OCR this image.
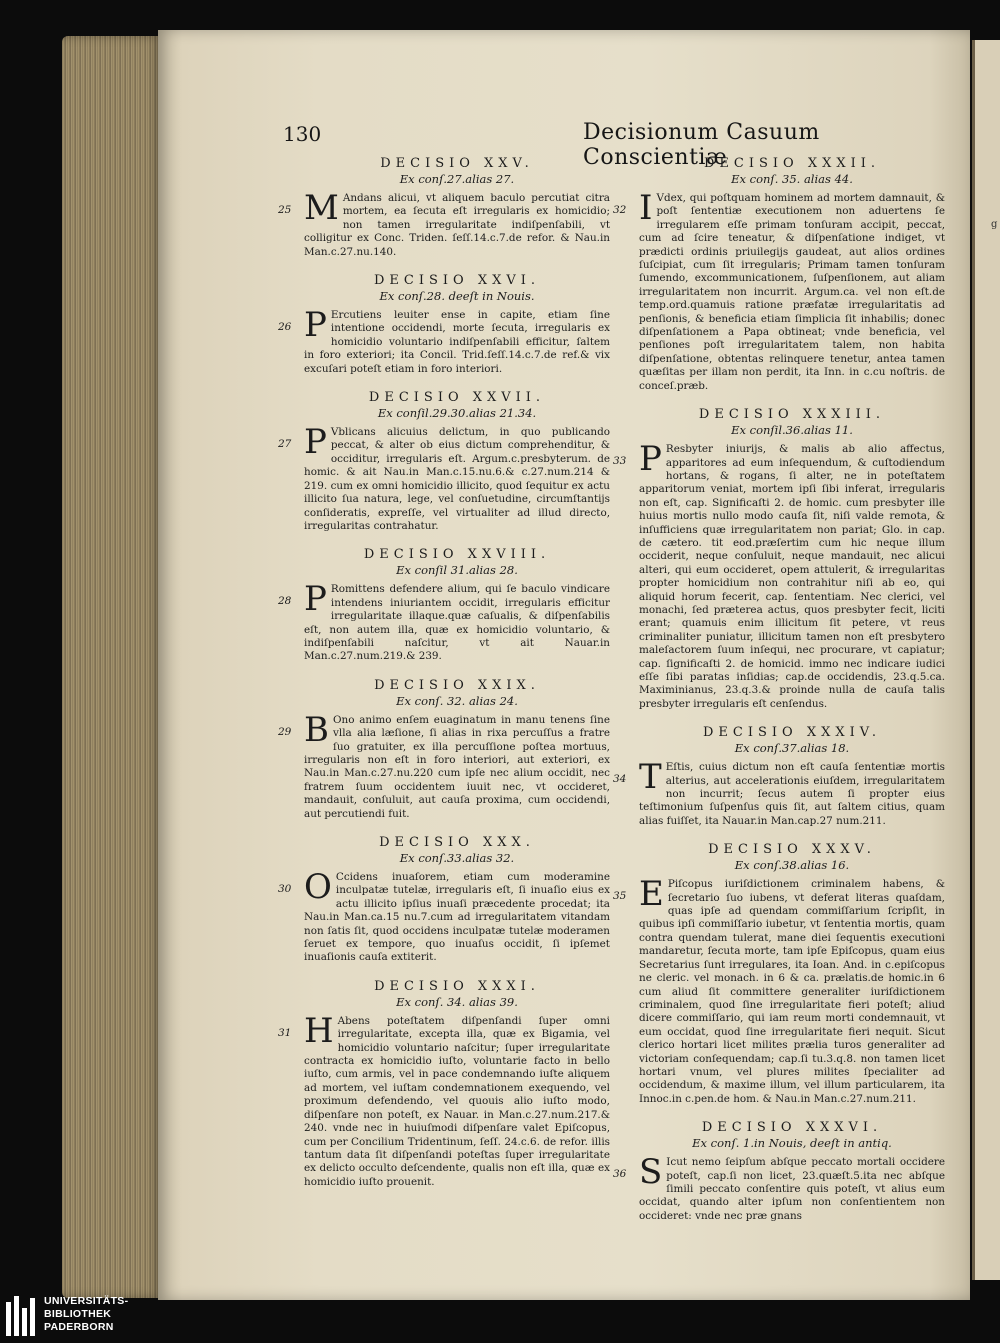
130	Decisionum Casuum Conscientiæ
DECISIO XXV.
Ex conſ.27.alias 27.
25 M Andans alicui, vt aliquem baculo percutiat citra mortem, ea ſecuta eſt irregularis ex homicidio; non tamen irregularitate indiſpenſabili, vt colligitur ex Conc. Triden. ſeſſ.14.c.7.de refor. & Nau.in Man.c.27.nu.140.

DECISIO XXVI.
Ex conſ.28. deeſt in Nouis.
26 P Ercutiens leuiter ense in capite, etiam ſine intentione occidendi, morte ſecuta, irregularis ex homicidio voluntario indiſpenſabili efficitur, ſaltem in foro exteriori; ita Concil. Trid.ſeſſ.14.c.7.de ref.& vix excuſari poteſt etiam in foro interiori.

DECISIO XXVII.
Ex conſil.29.30.alias 21.34.
27 P Vblicans alicuius delictum, in quo publicando peccat, & alter ob eius dictum comprehenditur, & occiditur, irregularis eſt. Argum.c.presbyterum. de homic. & ait Nau.in Man.c.15.nu.6.& c.27.num.214 & 219. cum ex omni homicidio illicito, quod ſequitur ex actu illicito ſua natura, lege, vel conſuetudine, circumſtantijs conſideratis, expreſſe, vel virtualiter ad illud directo, irregularitas contrahatur.

DECISIO XXVIII.
Ex conſil 31.alias 28.
28 P Romittens defendere alium, qui ſe baculo vindicare intendens iniuriantem occidit, irregularis efficitur irregularitate illaque.quæ caſualis, & diſpenſabilis eſt, non autem illa, quæ ex homicidio voluntario, & indiſpenſabili naſcitur, vt ait Nauar.in Man.c.27.num.219.& 239.

DECISIO XXIX.
Ex conſ. 32. alias 24.
29 B Ono animo enſem euaginatum in manu tenens ſine vlla alia læſione, ſi alias in rixa percuſſus a fratre ſuo gratuiter, ex illa percuſſione poſtea mortuus, irregularis non eſt in foro interiori, aut exteriori, ex Nau.in Man.c.27.nu.220 cum ipſe nec alium occidit, nec fratrem ſuum occidentem iuuit nec, vt occideret, mandauit, conſuluit, aut cauſa proxima, cum occidendi, aut percutiendi fuit.

DECISIO XXX.
Ex conſ.33.alias 32.
30 O Ccidens inuaſorem, etiam cum moderamine inculpatæ tutelæ, irregularis eſt, ſi inuaſio eius ex actu illicito ipſius inuaſi præcedente procedat; ita Nau.in Man.ca.15 nu.7.cum ad irregularitatem vitandam non ſatis ſit, quod occidens inculpatæ tutelæ moderamen ſeruet ex tempore, quo inuaſus occidit, ſi ipſemet inuaſionis cauſa extiterit.

DECISIO XXXI.
Ex conſ. 34. alias 39.
31 H Abens poteſtatem diſpenſandi ſuper omni irregularitate, excepta illa, quæ ex Bigamia, vel homicidio voluntario naſcitur; ſuper irregularitate contracta ex homicidio iuſto, voluntarie facto in bello iuſto, cum armis, vel in pace condemnando iuſte aliquem ad mortem, vel iuſtam condemnationem exequendo, vel proximum defendendo, vel quouis alio iuſto modo, diſpenſare non poteſt, ex Nauar. in Man.c.27.num.217.& 240. vnde nec in huiuſmodi diſpenſare valet Epiſcopus, cum per Concilium Tridentinum, ſeſſ. 24.c.6. de refor. illis tantum data ſit diſpenſandi poteſtas ſuper irregularitate ex delicto occulto deſcendente, qualis non eſt illa, quæ ex homicidio iuſto prouenit.

DECISIO XXXII.
Ex conſ. 35. alias 44.
32 I Vdex, qui poſtquam hominem ad mortem damnauit, & poſt ſententiæ executionem non aduertens ſe irregularem eſſe primam tonſuram accipit, peccat, cum ad ſcire teneatur, & diſpenſatione indiget, vt prædicti ordinis priuilegijs gaudeat, aut alios ordines ſuſcipiat, cum ſit irregularis; Primam tamen tonſuram ſumendo, excommunicationem, ſuſpenſionem, aut aliam irregularitatem non incurrit. Argum.ca. vel non eſt.de temp.ord.quamuis ratione præfatæ irregularitatis ad penſionis, & beneficia etiam ſimplicia ſit inhabilis; donec diſpenſationem a Papa obtineat; vnde beneficia, vel penſiones poſt irregularitatem talem, non habita diſpenſatione, obtentas relinquere tenetur, antea tamen quæſitas per illam non perdit, ita Inn. in c.cu noſtris. de conceſ.præb.

DECISIO XXXIII.
Ex conſil.36.alias 11.
33 P Resbyter iniurijs, & malis ab alio affectus, apparitores ad eum inſequendum, & cuſtodiendum hortans, & rogans, ſi alter, ne in poteſtatem apparitorum veniat, mortem ipſi ſibi inferat, irregularis non eſt, cap. Significaſti 2. de homic. cum presbyter ille huius mortis nullo modo cauſa ſit, niſi valde remota, & inſufficiens quæ irregularitatem non pariat; Glo. in cap. de cætero. tit eod.præſertim cum hic neque illum occiderit, neque conſuluit, neque mandauit, nec alicui alteri, qui eum occideret, opem attulerit, & irregularitas propter homicidium non contrahitur niſi ab eo, qui aliquid horum fecerit, cap. ſententiam. Nec clerici, vel monachi, ſed præterea actus, quos presbyter fecit, liciti erant; quamuis enim illicitum ſit petere, vt reus criminaliter puniatur, illicitum tamen non eſt presbytero maleſactorem ſuum inſequi, nec procurare, vt capiatur; cap. ſignificaſti 2. de homicid. immo nec indicare iudici eſſe ſibi paratas inſidias; cap.de occidendis, 23.q.5.ca. Maximinianus, 23.q.3.& proinde nulla de cauſa talis presbyter irregularis eſt cenſendus.

DECISIO XXXIV.
Ex conſ.37.alias 18.
34 T Eſtis, cuius dictum non eſt cauſa ſententiæ mortis alterius, aut accelerationis eiuſdem, irregularitatem non incurrit; ſecus autem ſi propter eius teſtimonium ſuſpenſus quis ſit, aut ſaltem citius, quam alias fuiſſet, ita Nauar.in Man.cap.27 num.211.

DECISIO XXXV.
Ex conſ.38.alias 16.
35 E Piſcopus iuriſdictionem criminalem habens, & ſecretario ſuo iubens, vt deferat literas quaſdam, quas ipſe ad quendam commiſſarium ſcripſit, in quibus ipſi commiſſario iubetur, vt ſententia mortis, quam contra quendam tulerat, mane diei ſequentis executioni mandaretur, ſecuta morte, tam ipſe Epiſcopus, quam eius Secretarius ſunt irregulares, ita Ioan. And. in c.epiſcopus ne cleric. vel monach. in 6 & ca. prælatis.de homic.in 6 cum aliud ſit committere generaliter iuriſdictionem criminalem, quod ſine irregularitate fieri poteſt; aliud dicere commiſſario, qui iam reum morti condemnauit, vt eum occidat, quod ſine irregularitate fieri nequit. Sicut clerico hortari licet milites prælia turos generaliter ad victoriam conſequendam; cap.ſi tu.3.q.8. non tamen licet hortari vnum, vel plures milites ſpecialiter ad occidendum, & maxime illum, vel illum particularem, ita Innoc.in c.pen.de hom. & Nau.in Man.c.27.num.211.

DECISIO XXXVI.
Ex conſ. 1.in Nouis, deeſt in antiq.
36 S Icut nemo ſeipſum abſque peccato mortali occidere poteſt, cap.ſi non licet, 23.quæſt.5.ita nec abſque ſimili peccato conſentire quis poteſt, vt alius eum occidat, quando alter ipſum non conſentientem non occideret: vnde nec præ gnans

g
UNIVERSITÄTS-
BIBLIOTHEK
PADERBORN
